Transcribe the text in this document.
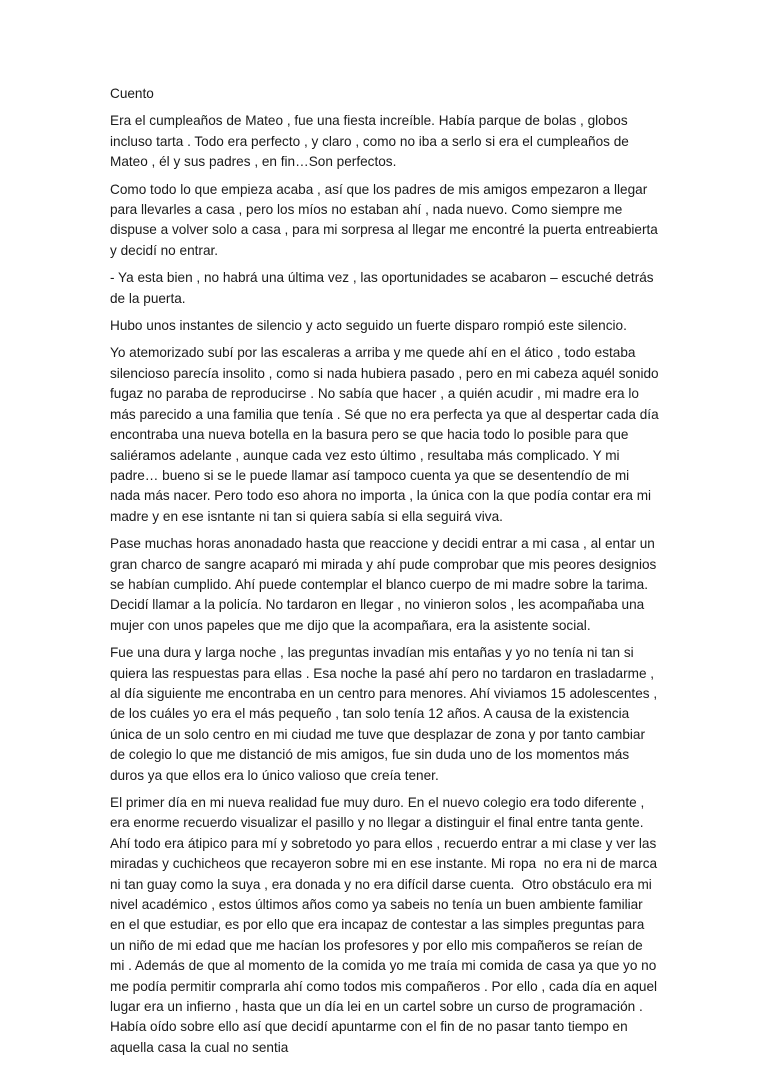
Cuento

Era el cumpleaños de Mateo , fue una fiesta increíble. Había parque de bolas , globos incluso tarta . Todo era perfecto , y claro , como no iba a serlo si era el cumpleaños de Mateo , él y sus padres , en fin…Son perfectos.

Como todo lo que empieza acaba , así que los padres de mis amigos empezaron a llegar para llevarles a casa , pero los míos no estaban ahí , nada nuevo. Como siempre me dispuse a volver solo a casa , para mi sorpresa al llegar me encontré la puerta entreabierta y decidí no entrar.

- Ya esta bien , no habrá una última vez , las oportunidades se acabaron – escuché detrás de la puerta.

Hubo unos instantes de silencio y acto seguido un fuerte disparo rompió este silencio.

Yo atemorizado subí por las escaleras a arriba y me quede ahí en el ático , todo estaba silencioso parecía insolito , como si nada hubiera pasado , pero en mi cabeza aquél sonido fugaz no paraba de reproducirse . No sabía que hacer , a quién acudir , mi madre era lo más parecido a una familia que tenía . Sé que no era perfecta ya que al despertar cada día encontraba una nueva botella en la basura pero se que hacia todo lo posible para que saliéramos adelante , aunque cada vez esto último , resultaba más complicado. Y mi padre… bueno si se le puede llamar así tampoco cuenta ya que se desentendío de mi nada más nacer. Pero todo eso ahora no importa , la única con la que podía contar era mi madre y en ese isntante ni tan si quiera sabía si ella seguirá viva.

Pase muchas horas anonadado hasta que reaccione y decidi entrar a mi casa , al entar un gran charco de sangre acaparó mi mirada y ahí pude comprobar que mis peores designios se habían cumplido. Ahí puede contemplar el blanco cuerpo de mi madre sobre la tarima. Decidí llamar a la policía. No tardaron en llegar , no vinieron solos , les acompañaba una mujer con unos papeles que me dijo que la acompañara, era la asistente social.

Fue una dura y larga noche , las preguntas invadían mis entañas y yo no tenía ni tan si quiera las respuestas para ellas . Esa noche la pasé ahí pero no tardaron en trasladarme , al día siguiente me encontraba en un centro para menores. Ahí viviamos 15 adolescentes , de los cuáles yo era el más pequeño , tan solo tenía 12 años. A causa de la existencia única de un solo centro en mi ciudad me tuve que desplazar de zona y por tanto cambiar de colegio lo que me distanció de mis amigos, fue sin duda uno de los momentos más duros ya que ellos era lo único valioso que creía tener.

El primer día en mi nueva realidad fue muy duro. En el nuevo colegio era todo diferente , era enorme recuerdo visualizar el pasillo y no llegar a distinguir el final entre tanta gente. Ahí todo era átipico para mí y sobretodo yo para ellos , recuerdo entrar a mi clase y ver las miradas y cuchicheos que recayeron sobre mi en ese instante. Mi ropa  no era ni de marca ni tan guay como la suya , era donada y no era difícil darse cuenta.  Otro obstáculo era mi nivel académico , estos últimos años como ya sabeis no tenía un buen ambiente familiar  en el que estudiar, es por ello que era incapaz de contestar a las simples preguntas para un niño de mi edad que me hacían los profesores y por ello mis compañeros se reían de mi . Además de que al momento de la comida yo me traía mi comida de casa ya que yo no me podía permitir comprarla ahí como todos mis compañeros . Por ello , cada día en aquel lugar era un infierno , hasta que un día lei en un cartel sobre un curso de programación . Había oído sobre ello así que decidí apuntarme con el fin de no pasar tanto tiempo en aquella casa la cual no sentia
